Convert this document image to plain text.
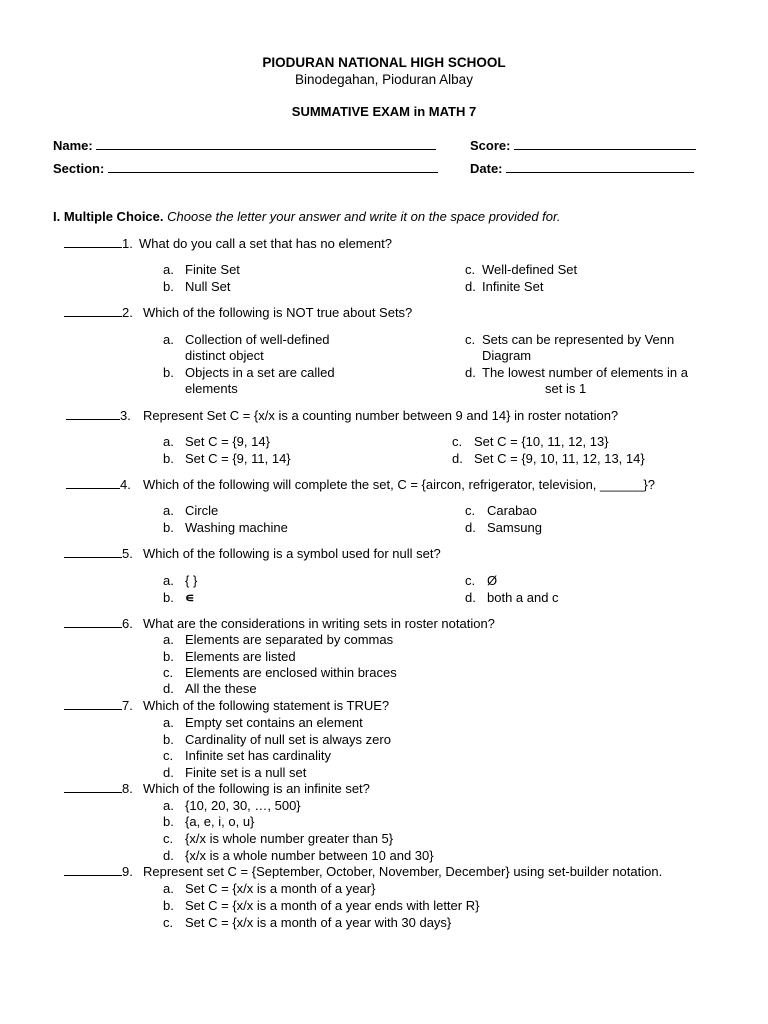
PIODURAN NATIONAL HIGH SCHOOL
Binodegahan, Pioduran Albay
SUMMATIVE EXAM in MATH 7
Name:	Score:
Section:	Date:
I. Multiple Choice. Choose the letter your answer and write it on the space provided for.
1. What do you call a set that has no element?
a. Finite Set
b. Null Set
c. Well-defined Set
d. Infinite Set
2. Which of the following is NOT true about Sets?
a. Collection of well-defined
distinct object
b. Objects in a set are called
elements
c. Sets can be represented by Venn
Diagram
d. The lowest number of elements in a
set is 1
3. Represent Set C = {x/x is a counting number between 9 and 14} in roster notation?
a. Set C = {9, 14}
b. Set C = {9, 11, 14}
c. Set C = {10, 11, 12, 13}
d. Set C = {9, 10, 11, 12, 13, 14}
4. Which of the following will complete the set, C = {aircon, refrigerator, television, ______}?
a. Circle
b. Washing machine
c. Carabao
d. Samsung
5. Which of the following is a symbol used for null set?
a. { }
b. ∊
c. Ø
d. both a and c
6. What are the considerations in writing sets in roster notation?
a. Elements are separated by commas
b. Elements are listed
c. Elements are enclosed within braces
d. All the these
7. Which of the following statement is TRUE?
a. Empty set contains an element
b. Cardinality of null set is always zero
c. Infinite set has cardinality
d. Finite set is a null set
8. Which of the following is an infinite set?
a. {10, 20, 30, …, 500}
b. {a, e, i, o, u}
c. {x/x is whole number greater than 5}
d. {x/x is a whole number between 10 and 30}
9. Represent set C = {September, October, November, December} using set-builder notation.
a. Set C = {x/x is a month of a year}
b. Set C = {x/x is a month of a year ends with letter R}
c. Set C = {x/x is a month of a year with 30 days}
